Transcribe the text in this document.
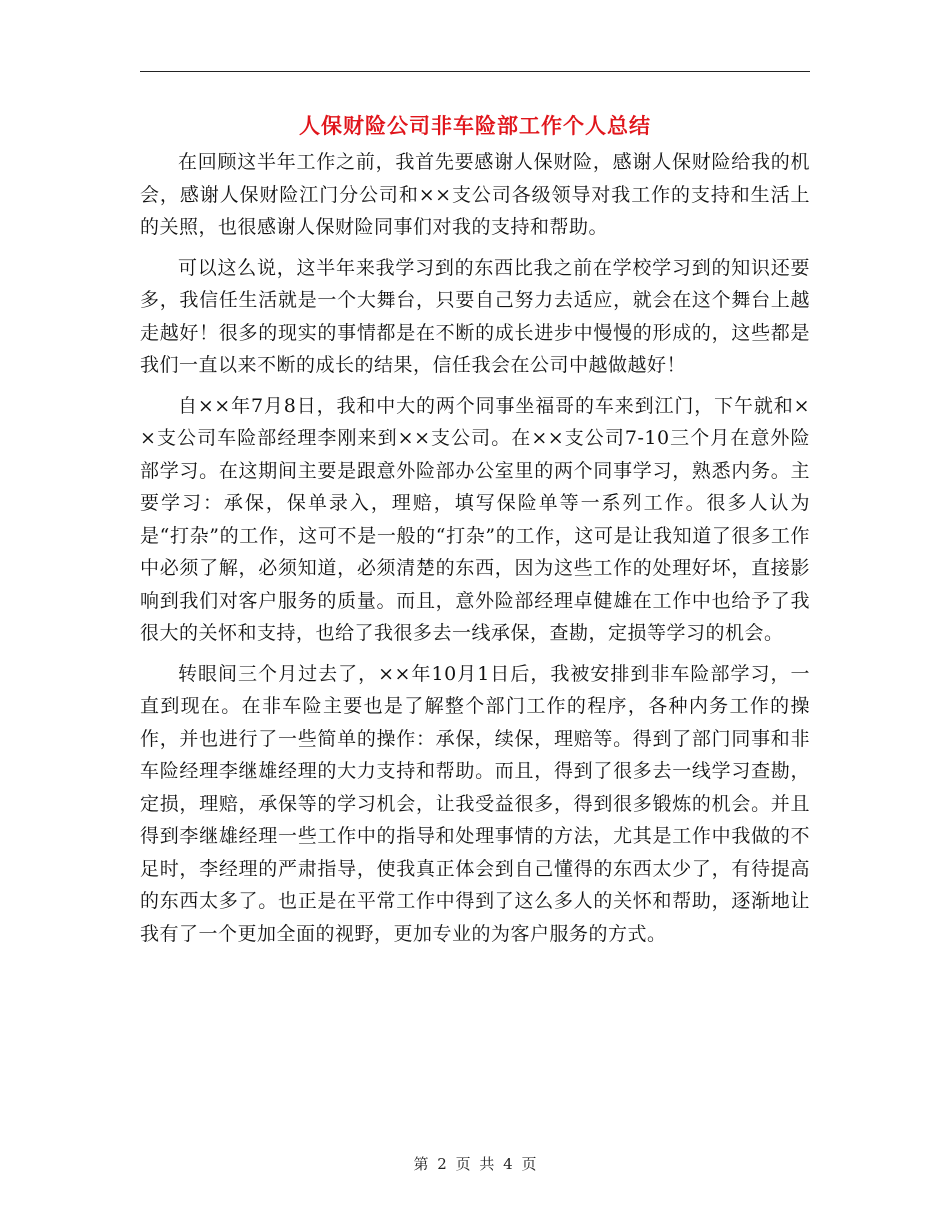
人保财险公司非车险部工作个人总结

在回顾这半年工作之前，我首先要感谢人保财险，感谢人保财险给我的机会，感谢人保财险江门分公司和××支公司各级领导对我工作的支持和生活上的关照，也很感谢人保财险同事们对我的支持和帮助。

可以这么说，这半年来我学习到的东西比我之前在学校学习到的知识还要多，我信任生活就是一个大舞台，只要自己努力去适应，就会在这个舞台上越走越好！很多的现实的事情都是在不断的成长进步中慢慢的形成的，这些都是我们一直以来不断的成长的结果，信任我会在公司中越做越好！

自××年7月8日，我和中大的两个同事坐福哥的车来到江门，下午就和××支公司车险部经理李刚来到××支公司。在××支公司7-10三个月在意外险部学习。在这期间主要是跟意外险部办公室里的两个同事学习，熟悉内务。主要学习：承保，保单录入，理赔，填写保险单等一系列工作。很多人认为是“打杂”的工作，这可不是一般的“打杂”的工作，这可是让我知道了很多工作中必须了解，必须知道，必须清楚的东西，因为这些工作的处理好坏，直接影响到我们对客户服务的质量。而且，意外险部经理卓健雄在工作中也给予了我很大的关怀和支持，也给了我很多去一线承保，查勘，定损等学习的机会。

转眼间三个月过去了，××年10月1日后，我被安排到非车险部学习，一直到现在。在非车险主要也是了解整个部门工作的程序，各种内务工作的操作，并也进行了一些简单的操作：承保，续保，理赔等。得到了部门同事和非车险经理李继雄经理的大力支持和帮助。而且，得到了很多去一线学习查勘，定损，理赔，承保等的学习机会，让我受益很多，得到很多锻炼的机会。并且得到李继雄经理一些工作中的指导和处理事情的方法，尤其是工作中我做的不足时，李经理的严肃指导，使我真正体会到自己懂得的东西太少了，有待提高的东西太多了。也正是在平常工作中得到了这么多人的关怀和帮助，逐渐地让我有了一个更加全面的视野，更加专业的为客户服务的方式。

第 2 页 共 4 页
